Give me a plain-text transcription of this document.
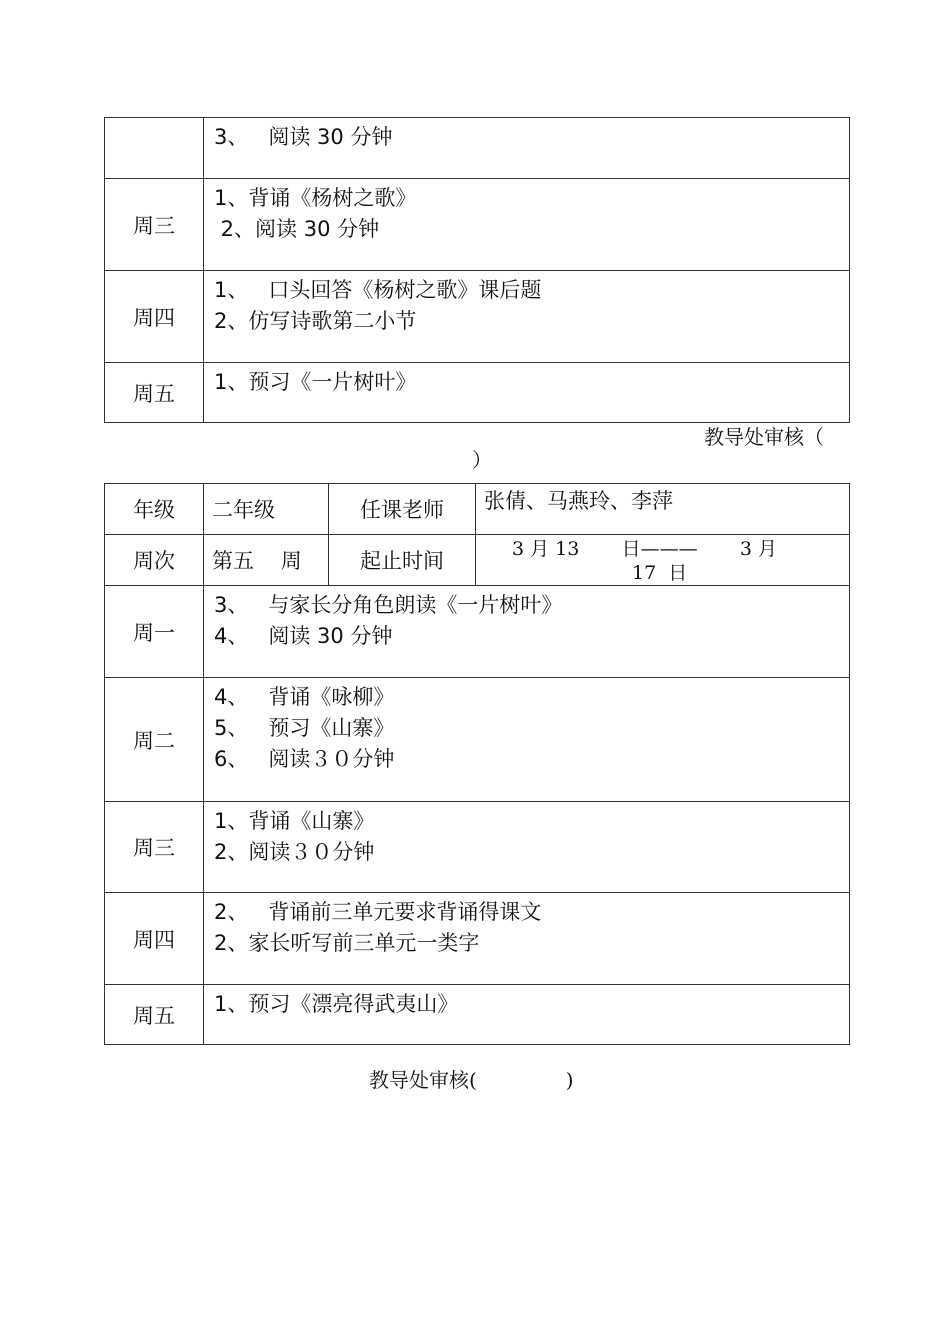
	3、   阅读 30 分钟

周三	1、背诵《杨树之歌》
2、阅读 30 分钟

周四	1、   口头回答《杨树之歌》课后题
2、仿写诗歌第二小节

周五	1、预习《一片树叶》
教导处审核（
）
年级	二年级	任课老师	张倩、马燕玲、李萍
周次	第五    周	起止时间	3 月 13       日———       3 月
17  日

周一	3、   与家长分角色朗读《一片树叶》
4、   阅读 30 分钟		

周二	4、   背诵《咏柳》
5、   预习《山寨》
6、   阅读３０分钟		

周三	1、背诵《山寨》
2、阅读３０分钟		

周四	2、   背诵前三单元要求背诵得课文
2、家长听写前三单元一类字		

周五	1、预习《漂亮得武夷山》		
教导处审核(              )
